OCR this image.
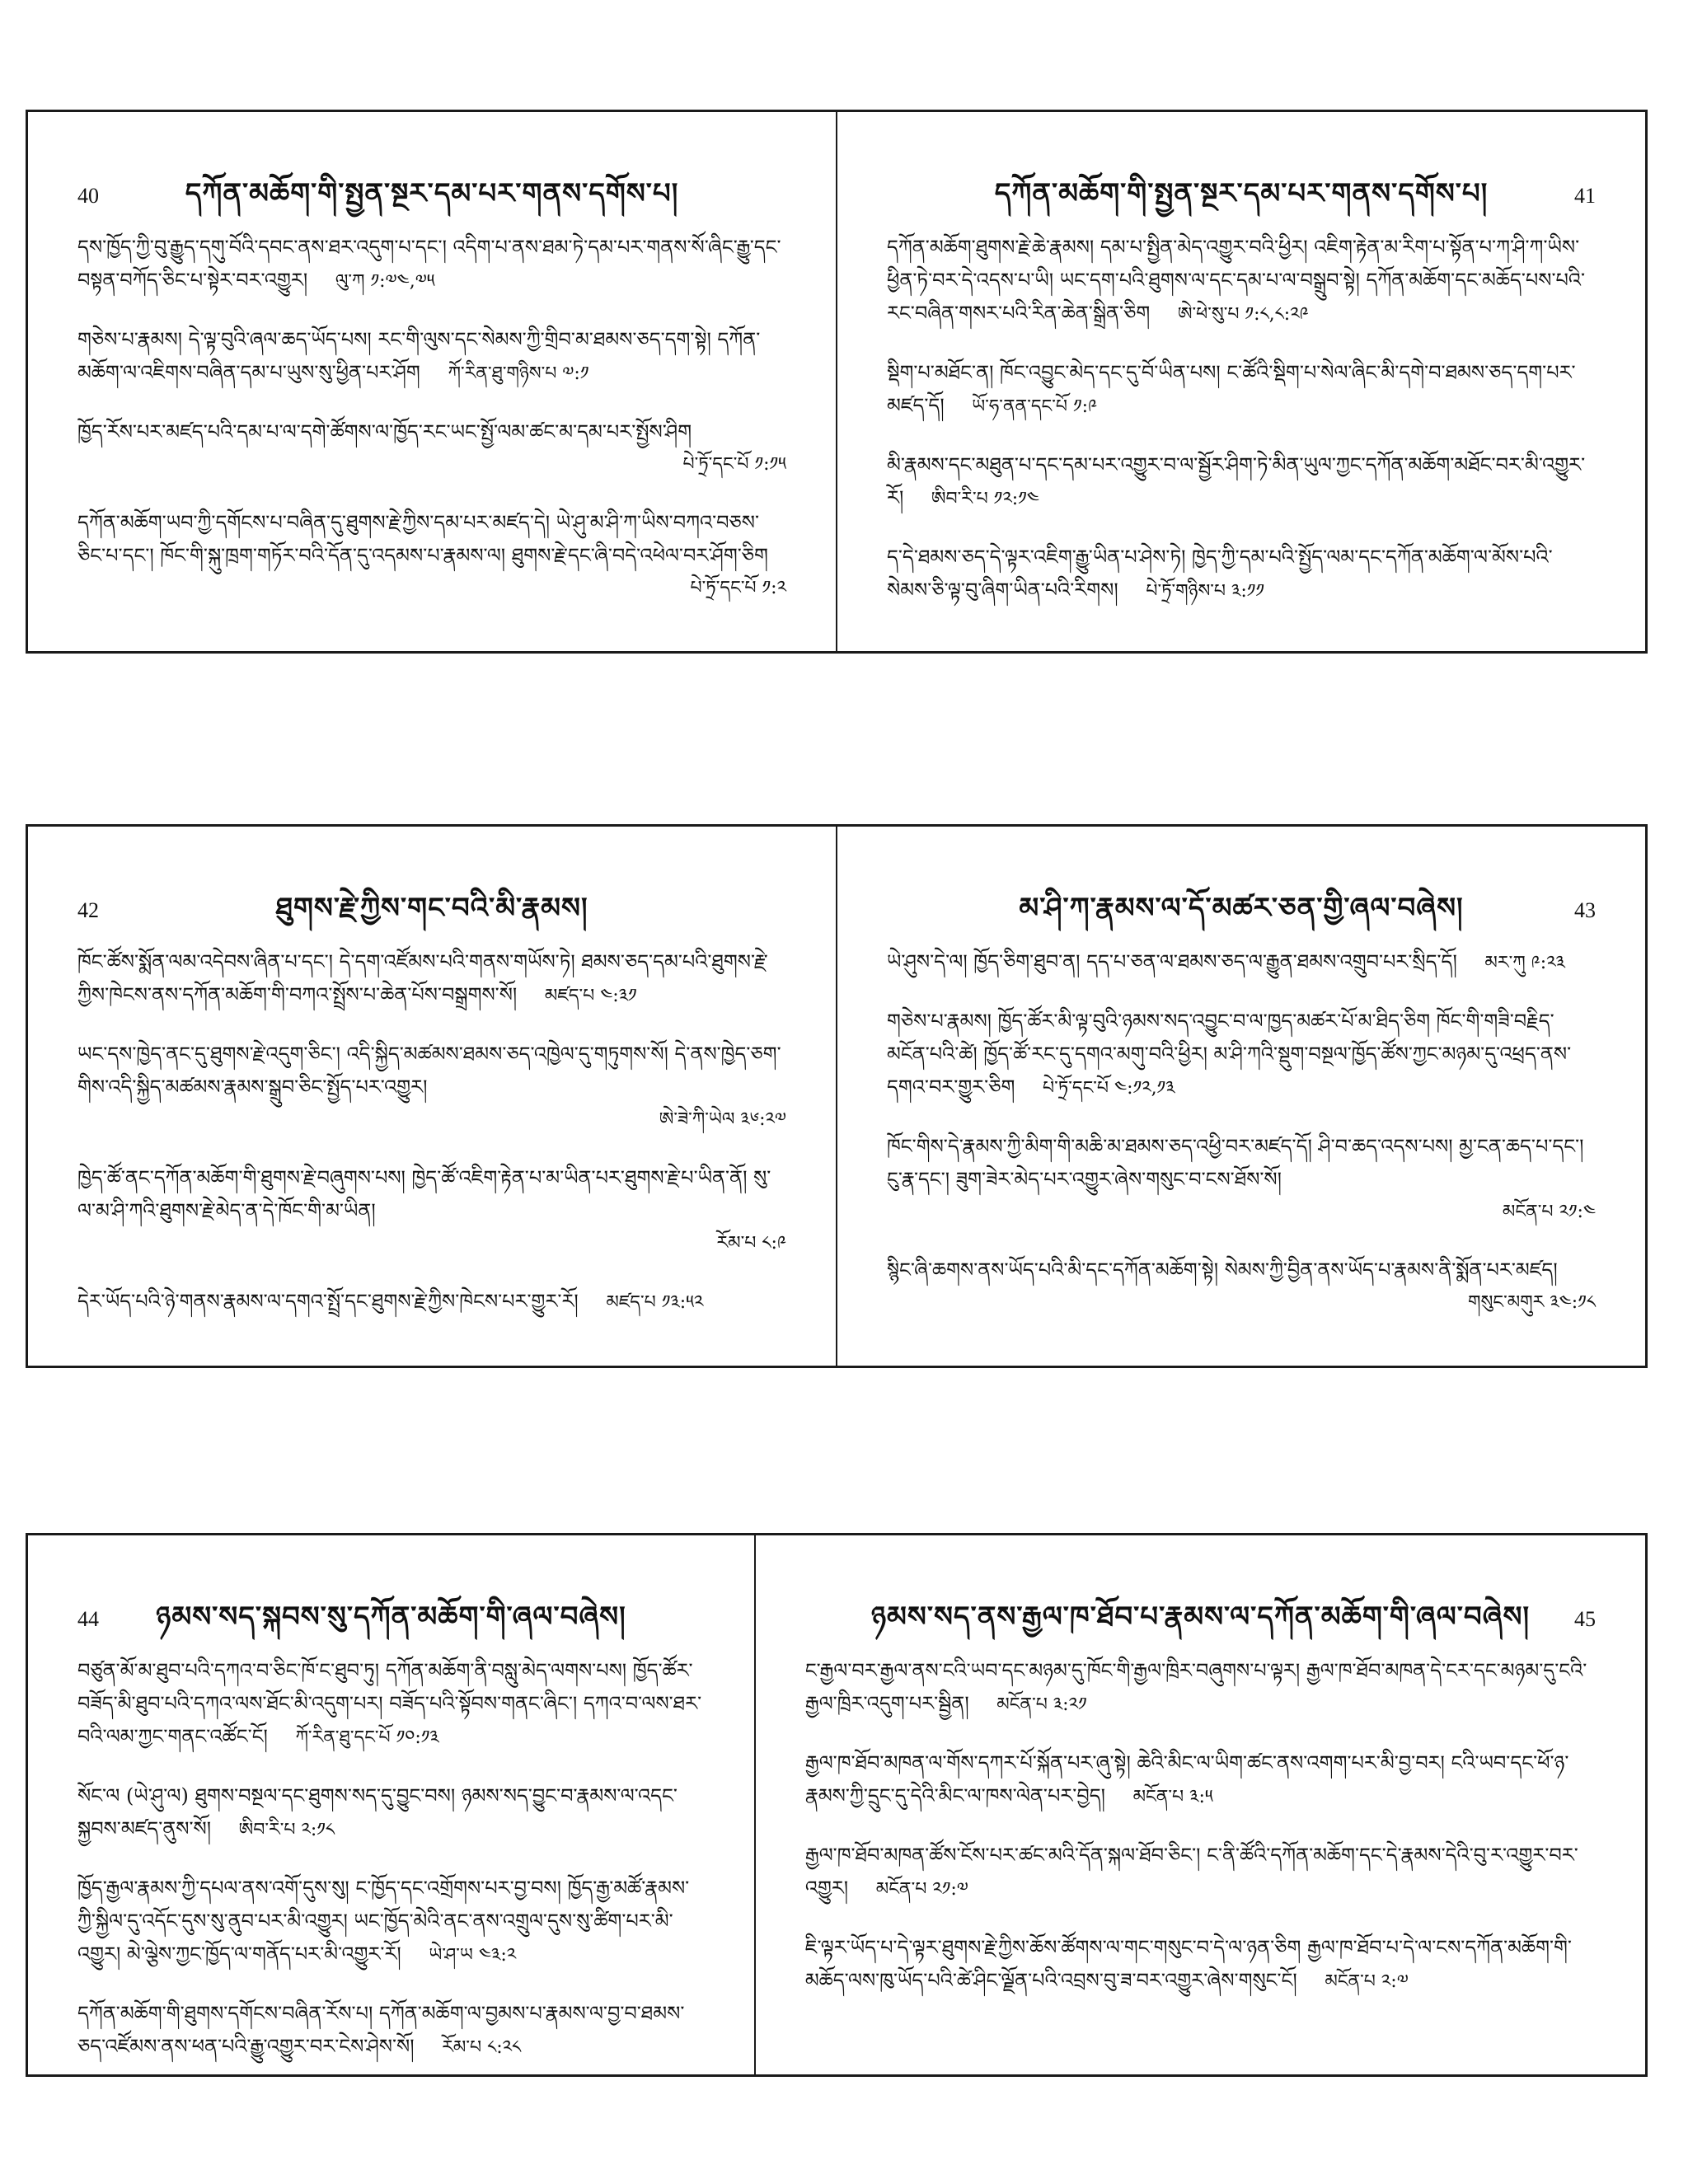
40	དཀོན་མཆོག་གི་སྤྱན་སྔར་དམ་པར་གནས་དགོས་པ།
དས་ཁྱོད་ཀྱི་བུ་རྒྱུད་དགུ་བོའི་དབང་ནས་ཐར་འདུག་པ་དང་། འདིག་པ་ནས་ཐམ་ཏེ་དམ་པར་གནས་སོ་ཞིང་རྒྱུ་དང་བསྟན་བཀོད་ཅིང་པ་སྟེར་བར་འགྱུར། ལུ་ཀ ༡:༧༤,༧༥
གཅེས་པ་རྣམས། དེ་ལྟ་བུའི་ཞལ་ཆད་ཡོད་པས། རང་གི་ལུས་དང་སེམས་ཀྱི་གྲིབ་མ་ཐམས་ཅད་དག་སྟེ། དཀོན་མཆོག་ལ་འཇིགས་བཞིན་དམ་པ་ཡུས་སུ་ཕྱིན་པར་ཤོག ཀོ་རིན་ཐུ་གཉིས་པ ༧:༡
ཁྱོད་རོས་པར་མཛད་པའི་དམ་པ་ལ་དགེ་ཚོགས་ལ་ཁྱོད་རང་ཡང་སྤྱོ་ལམ་ཚང་མ་དམ་པར་སྤྱོས་ཤིག
པེ་ཏྲོ་དང་པོ ༡:༡༥
དཀོན་མཆོག་ཡབ་ཀྱི་དགོངས་པ་བཞིན་དུ་ཐུགས་རྗེ་ཀྱིས་དམ་པར་མཛད་དེ། ཡེ་ཤུ་མ་ཤི་ཀ་ཡིས་བཀའ་བཅས་ཅིང་པ་དང་། ཁོང་གི་སྐུ་ཁྲག་གཏོར་བའི་དོན་དུ་འདམས་པ་རྣམས་ལ། ཐུགས་རྗེ་དང་ཞི་བདེ་འཕེལ་བར་ཤོག་ཅིག
པེ་ཏྲོ་དང་པོ ༡:༢
41
དཀོན་མཆོག་གི་སྤྱན་སྔར་དམ་པར་གནས་དགོས་པ།
དཀོན་མཆོག་ཐུགས་རྗེ་ཆེ་རྣམས། དམ་པ་སྤྱིན་མེད་འགྱུར་བའི་ཕྱིར། འཇིག་རྟེན་མ་རིག་པ་སྟོན་པ་ཀ་ཤི་ཀ་ཡིས་ཕྱིན་ཏེ་བར་དེ་འདས་པ་ཡི། ཡང་དག་པའི་ཐུགས་ལ་དང་དམ་པ་ལ་བསྒྲུབ་སྟེ། དཀོན་མཆོག་དང་མཆོད་པས་པའི་རང་བཞིན་གསར་པའི་རིན་ཆེན་སྒྲིན་ཅིག ཨེ་ཕེ་སུ་པ ༡:༨,༨:༢༩
སྡིག་པ་མཐོང་ན། ཁོང་འབྱུང་མེད་དང་དུ་བོ་ཡིན་པས། ང་ཚོའི་སྡིག་པ་སེལ་ཞིང་མི་དགེ་བ་ཐམས་ཅད་དག་པར་མཛད་དོ། ཡོ་ཧ་ནན་དང་པོ ༡:༩
མི་རྣམས་དང་མཐུན་པ་དང་དམ་པར་འགྱུར་བ་ལ་སྦྱོར་ཤིག་ཏེ་མིན་ཡུལ་ཀྱང་དཀོན་མཆོག་མཐོང་བར་མི་འགྱུར་རོ། ཨིབ་རི་པ ༡༢:༡༤
ད་དེ་ཐམས་ཅད་དེ་ལྟར་འཇིག་རྒྱུ་ཡིན་པ་ཤེས་ཏེ། ཁྱེད་ཀྱི་དམ་པའི་སྤྱོད་ལམ་དང་དཀོན་མཆོག་ལ་མོས་པའི་སེམས་ཅི་ལྟ་བུ་ཞིག་ཡིན་པའི་རིགས། པེ་ཏྲོ་གཉིས་པ ༣:༡༡
42	ཐུགས་རྗེ་ཀྱིས་གང་བའི་མི་རྣམས།
ཁོང་ཚོས་སྨོན་ལམ་འདེབས་ཞིན་པ་དང་། དེ་དག་འཛོམས་པའི་གནས་གཡོས་ཏེ། ཐམས་ཅད་དམ་པའི་ཐུགས་རྗེ་ཀྱིས་ཁེངས་ནས་དཀོན་མཆོག་གི་བཀའ་སྤྲོས་པ་ཆེན་པོས་བསྒྲགས་སོ། མཛད་པ ༤:༣༡
ཡང་དས་ཁྱེད་ནང་དུ་ཐུགས་རྗེ་འདུག་ཅིང་། འདི་སྐྱིད་མཚམས་ཐམས་ཅད་འཁྱེལ་དུ་གཏུགས་སོ། དེ་ནས་ཁྱེད་ཅག་གིས་འདི་སྐྱིད་མཚམས་རྣམས་སྒྲུབ་ཅིང་སྤྱོད་པར་འགྱུར།
ཨེ་ཟེ་ཀི་ཡེལ ༣༦:༢༧
ཁྱེད་ཚོ་ནང་དཀོན་མཆོག་གི་ཐུགས་རྗེ་བཞུགས་པས། ཁྱེད་ཚོ་འཇིག་རྟེན་པ་མ་ཡིན་པར་ཐུགས་རྗེ་པ་ཡིན་ནོ། སུ་ལ་མ་ཤི་ཀའི་ཐུགས་རྗེ་མེད་ན་དེ་ཁོང་གི་མ་ཡིན།
རོམ་པ ༨:༩
དེར་ཡོད་པའི་ཉེ་གནས་རྣམས་ལ་དགའ་སྤྲོ་དང་ཐུགས་རྗེ་ཀྱིས་ཁེངས་པར་གྱུར་རོ། མཛད་པ ༡༣:༥༢
43
མ་ཤི་ཀ་རྣམས་ལ་དོ་མཚར་ཅན་གྱི་ཞལ་བཞེས།
ཡེ་ཤུས་དེ་ལ། ཁྱོད་ཅིག་ཐུབ་ན། དད་པ་ཅན་ལ་ཐམས་ཅད་ལ་རྒྱུན་ཐམས་འགྲུབ་པར་སྲིད་དོ། མར་ཀུ ༩:༢༣
གཅེས་པ་རྣམས། ཁྱོད་ཚོར་མི་ལྟ་བུའི་ཉམས་སད་འབྱུང་བ་ལ་ཁྱད་མཚར་པོ་མ་ཐིད་ཅིག ཁོང་གི་གཟི་བརྗིད་མངོན་པའི་ཚེ། ཁྱོད་ཚོ་རང་དུ་དགའ་མགུ་བའི་ཕྱིར། མ་ཤི་ཀའི་སྡུག་བསྔལ་ཁྱོད་ཚོས་ཀྱང་མཉམ་དུ་འཕྲད་ནས་དགའ་བར་གྱུར་ཅིག པེ་ཏྲོ་དང་པོ ༤:༡༢,༡༣
ཁོང་གིས་དེ་རྣམས་ཀྱི་མིག་གི་མཆི་མ་ཐམས་ཅད་འཕྱི་བར་མཛད་དོ། ཤི་བ་ཆད་འདས་པས། མྱ་ངན་ཆད་པ་དང་། ངུ་རྣ་དང་། ཟུག་ཟེར་མེད་པར་འགྱུར་ཞེས་གསུང་བ་ངས་ཐོས་སོ།
མངོན་པ ༢༡:༤
སྙིང་ཞི་ཆགས་ནས་ཡོད་པའི་མི་དང་དཀོན་མཆོག་སྟེ། སེམས་ཀྱི་བྱིན་ནས་ཡོད་པ་རྣམས་ནི་སྨོན་པར་མཛད།
གསུང་མགུར ༣༤:༡༨
44	ཉམས་སད་སྐབས་སུ་དཀོན་མཆོག་གི་ཞལ་བཞེས།
བཙུན་མོ་མ་ཐུབ་པའི་དཀའ་བ་ཅིང་ཁོ་ང་ཐུབ་ཏུ། དཀོན་མཆོག་ནི་བསླུ་མེད་ལགས་པས། ཁྱོད་ཚོར་བཟོད་མི་ཐུབ་པའི་དཀའ་ལས་ཐོང་མི་འདུག་པར། བཟོད་པའི་སྟོབས་གནང་ཞིང་། དཀའ་བ་ལས་ཐར་བའི་ལམ་ཀྱང་གནང་འཚོང་ངོ། ཀོ་རིན་ཐུ་དང་པོ ༡༠:༡༣
སོང་ལ (ཡེ་ཤུ་ལ) ཐུགས་བསྔལ་དང་ཐུགས་སད་དུ་བྱུང་བས། ཉམས་སད་བྱུང་བ་རྣམས་ལ་འདང་སྐྱབས་མཛད་ནུས་སོ། ཨིབ་རི་པ ༢:༡༨
ཁྱོད་རྒྱལ་རྣམས་ཀྱི་དཔལ་ནས་འགོ་དུས་སུ། ང་ཁྱོད་དང་འགྲོགས་པར་བྱ་བས། ཁྱོད་རྒྱ་མཚོ་རྣམས་ཀྱི་སྐྱིལ་དུ་འདོང་དུས་སུ་ནུབ་པར་མི་འགྱུར། ཡང་ཁྱོད་མེའི་ནང་ནས་འགྲུལ་དུས་སུ་ཚིག་པར་མི་འགྱུར། མེ་ལྕེས་ཀྱང་ཁྱོད་ལ་གནོད་པར་མི་འགྱུར་རོ། ཡེ་ཤ་ཡ ༤༣:༢
དཀོན་མཆོག་གི་ཐུགས་དགོངས་བཞིན་རོས་པ། དཀོན་མཆོག་ལ་བྱམས་པ་རྣམས་ལ་བྱ་བ་ཐམས་ཅད་འཛོམས་ནས་ཕན་པའི་རྒྱུ་འགྱུར་བར་ངེས་ཤེས་སོ། རོམ་པ ༨:༢༨
45
ཉམས་སད་ནས་རྒྱལ་ཁ་ཐོབ་པ་རྣམས་ལ་དཀོན་མཆོག་གི་ཞལ་བཞེས།
ང་རྒྱལ་བར་རྒྱལ་ནས་ངའི་ཡབ་དང་མཉམ་དུ་ཁོང་གི་རྒྱལ་ཁྲིར་བཞུགས་པ་ལྟར། རྒྱལ་ཁ་ཐོབ་མཁན་དེ་ངར་དང་མཉམ་དུ་ངའི་རྒྱལ་ཁྲིར་འདུག་པར་སྦྱིན། མངོན་པ ༣:༢༡
རྒྱལ་ཁ་ཐོབ་མཁན་ལ་གོས་དཀར་པོ་སྐོན་པར་ཞུ་སྟེ། ཆེའི་མིང་ལ་ཡིག་ཚང་ནས་འགག་པར་མི་བྱ་བར། ངའི་ཡབ་དང་ཕོ་ཉ་རྣམས་ཀྱི་དྲུང་དུ་དེའི་མིང་ལ་ཁས་ལེན་པར་བྱེད། མངོན་པ ༣:༥
རྒྱལ་ཁ་ཐོབ་མཁན་ཚོས་ངོས་པར་ཚང་མའི་དོན་སྐལ་ཐོབ་ཅིང་། ང་ནི་ཚོའི་དཀོན་མཆོག་དང་དེ་རྣམས་དེའི་བུ་ར་འགྱུར་བར་འགྱུར། མངོན་པ ༢༡:༧
ཇི་ལྟར་ཡོད་པ་དེ་ལྟར་ཐུགས་རྗེ་ཀྱིས་ཆོས་ཚོགས་ལ་གང་གསུང་བ་དེ་ལ་ཉན་ཅིག རྒྱལ་ཁ་ཐོབ་པ་དེ་ལ་ངས་དཀོན་མཆོག་གི་མཆོད་ལས་ཁུ་ཡོད་པའི་ཚེ་ཤིང་ལྗོན་པའི་འབྲས་བུ་ཟ་བར་འགྱུར་ཞེས་གསུང་ངོ། མངོན་པ ༢:༧
